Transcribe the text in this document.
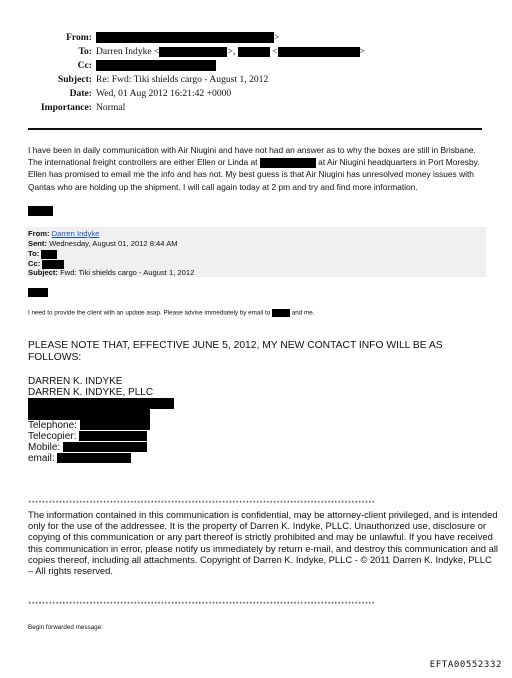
From:	>
To: Darren Indyke <	>,	<	>
Cc:
Subject: Re: Fwd: Tiki shields cargo - August 1, 2012
Date: Wed, 01 Aug 2012 16:21:42 +0000
Importance: Normal
I have been in daily communication with Air Niugini and have not had an answer as to why the boxes are still in Brisbane. The international freight controllers are either Ellen or Linda at	at Air Niugini headquarters in Port Moresby. Ellen has promised to email me the info and has not. My best guess is that Air Niugini has unresolved money issues with Qantas who are holding up the shipment. I will call again today at 2 pm and try and find more information.
From: Darren Indyke
Sent: Wednesday, August 01, 2012 8:44 AM
To:
Cc:
Subject: Fwd: Tiki shields cargo - August 1, 2012
I need to provide the client with an update asap. Please advise immediately by email to	and me.
PLEASE NOTE THAT, EFFECTIVE JUNE 5, 2012, MY NEW CONTACT INFO WILL BE AS FOLLOWS:
DARREN K. INDYKE
DARREN K. INDYKE, PLLC
Telephone:
Telecopier:
Mobile:
email:
******************************************************************************************************
The information contained in this communication is confidential, may be attorney-client privileged, and is intended only for the use of the addressee. It is the property of Darren K. Indyke, PLLC. Unauthorized use, disclosure or copying of this communication or any part thereof is strictly prohibited and may be unlawful. If you have received this communication in error, please notify us immediately by return e-mail, and destroy this communication and all copies thereof, including all attachments. Copyright of Darren K. Indyke, PLLC - © 2011 Darren K. Indyke, PLLC – All rights reserved.
******************************************************************************************************
Begin forwarded message:
EFTA00552332
